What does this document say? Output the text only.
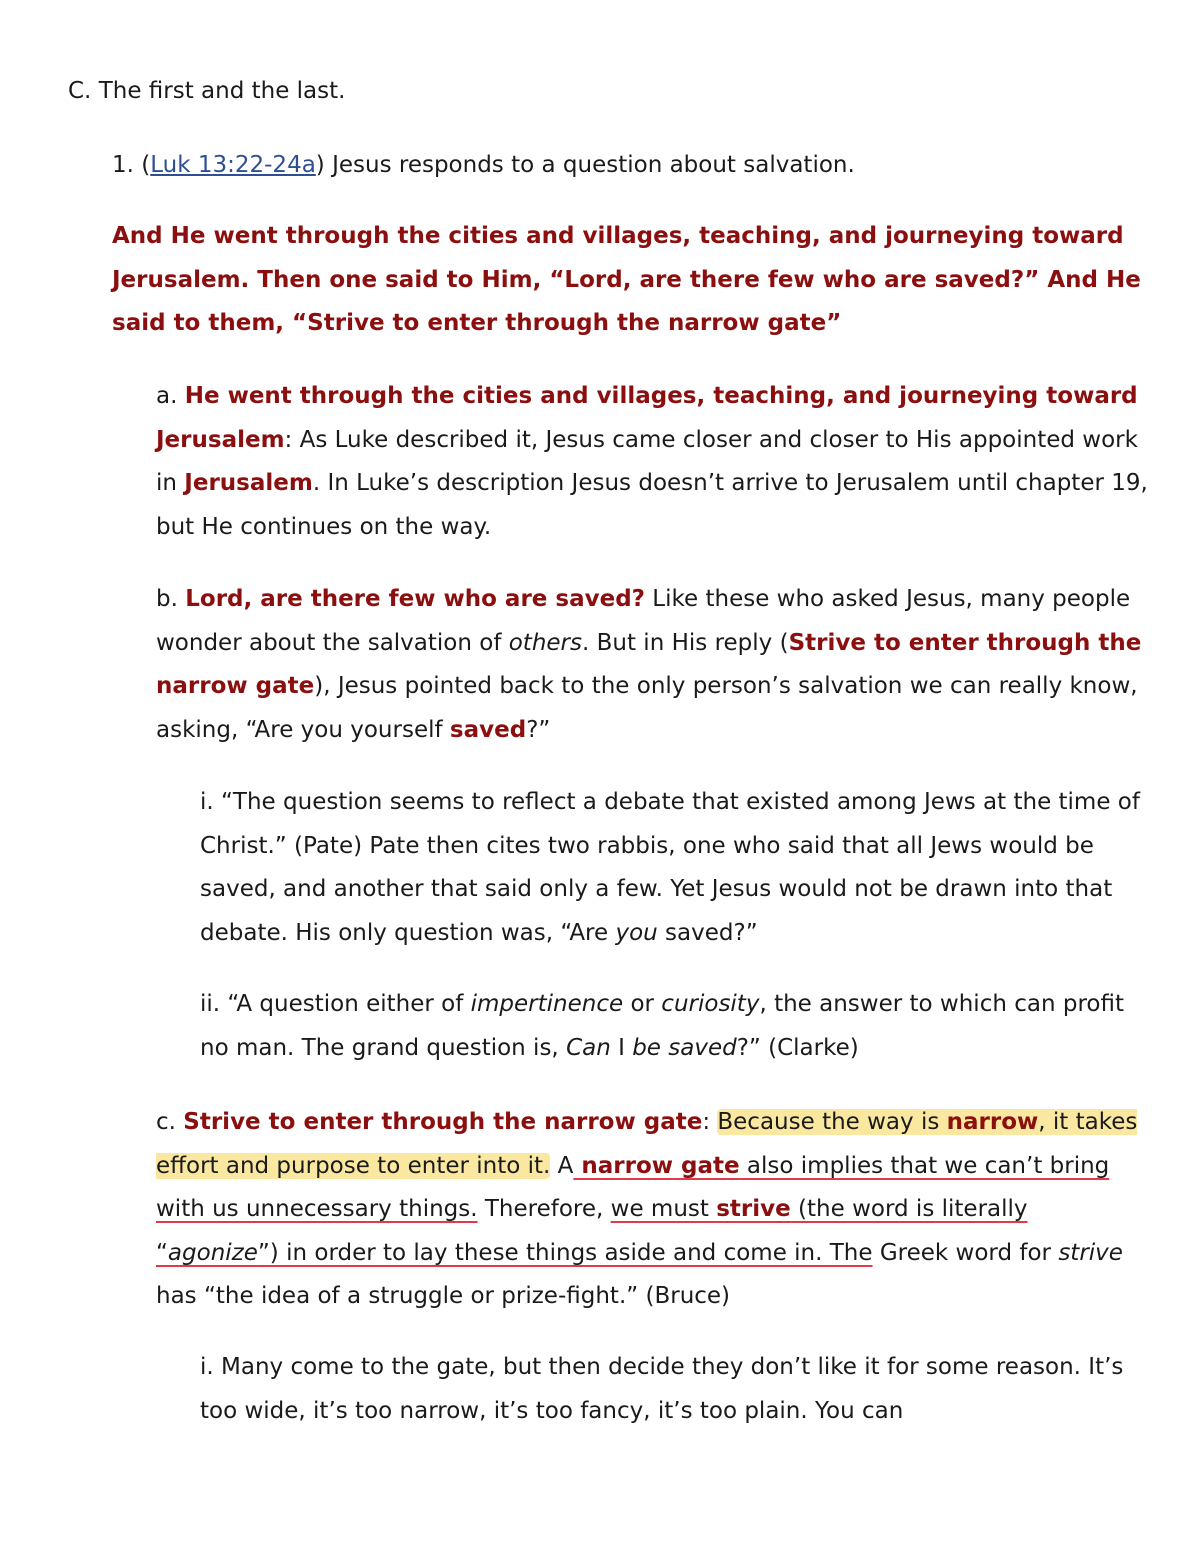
C. The first and the last.

1. (Luk 13:22-24a) Jesus responds to a question about salvation.

And He went through the cities and villages, teaching, and journeying toward Jerusalem. Then one said to Him, “Lord, are there few who are saved?” And He said to them, “Strive to enter through the narrow gate”

a. He went through the cities and villages, teaching, and journeying toward Jerusalem: As Luke described it, Jesus came closer and closer to His appointed work in Jerusalem. In Luke’s description Jesus doesn’t arrive to Jerusalem until chapter 19, but He continues on the way.

b. Lord, are there few who are saved? Like these who asked Jesus, many people wonder about the salvation of others. But in His reply (Strive to enter through the narrow gate), Jesus pointed back to the only person’s salvation we can really know, asking, “Are you yourself saved?”

i. “The question seems to reflect a debate that existed among Jews at the time of Christ.” (Pate) Pate then cites two rabbis, one who said that all Jews would be saved, and another that said only a few. Yet Jesus would not be drawn into that debate. His only question was, “Are you saved?”

ii. “A question either of impertinence or curiosity, the answer to which can profit no man. The grand question is, Can I be saved?” (Clarke)

c. Strive to enter through the narrow gate: Because the way is narrow, it takes effort and purpose to enter into it. A narrow gate also implies that we can’t bring with us unnecessary things. Therefore, we must strive (the word is literally “agonize”) in order to lay these things aside and come in. The Greek word for strive has “the idea of a struggle or prize-fight.” (Bruce)

i. Many come to the gate, but then decide they don’t like it for some reason. It’s too wide, it’s too narrow, it’s too fancy, it’s too plain. You can
